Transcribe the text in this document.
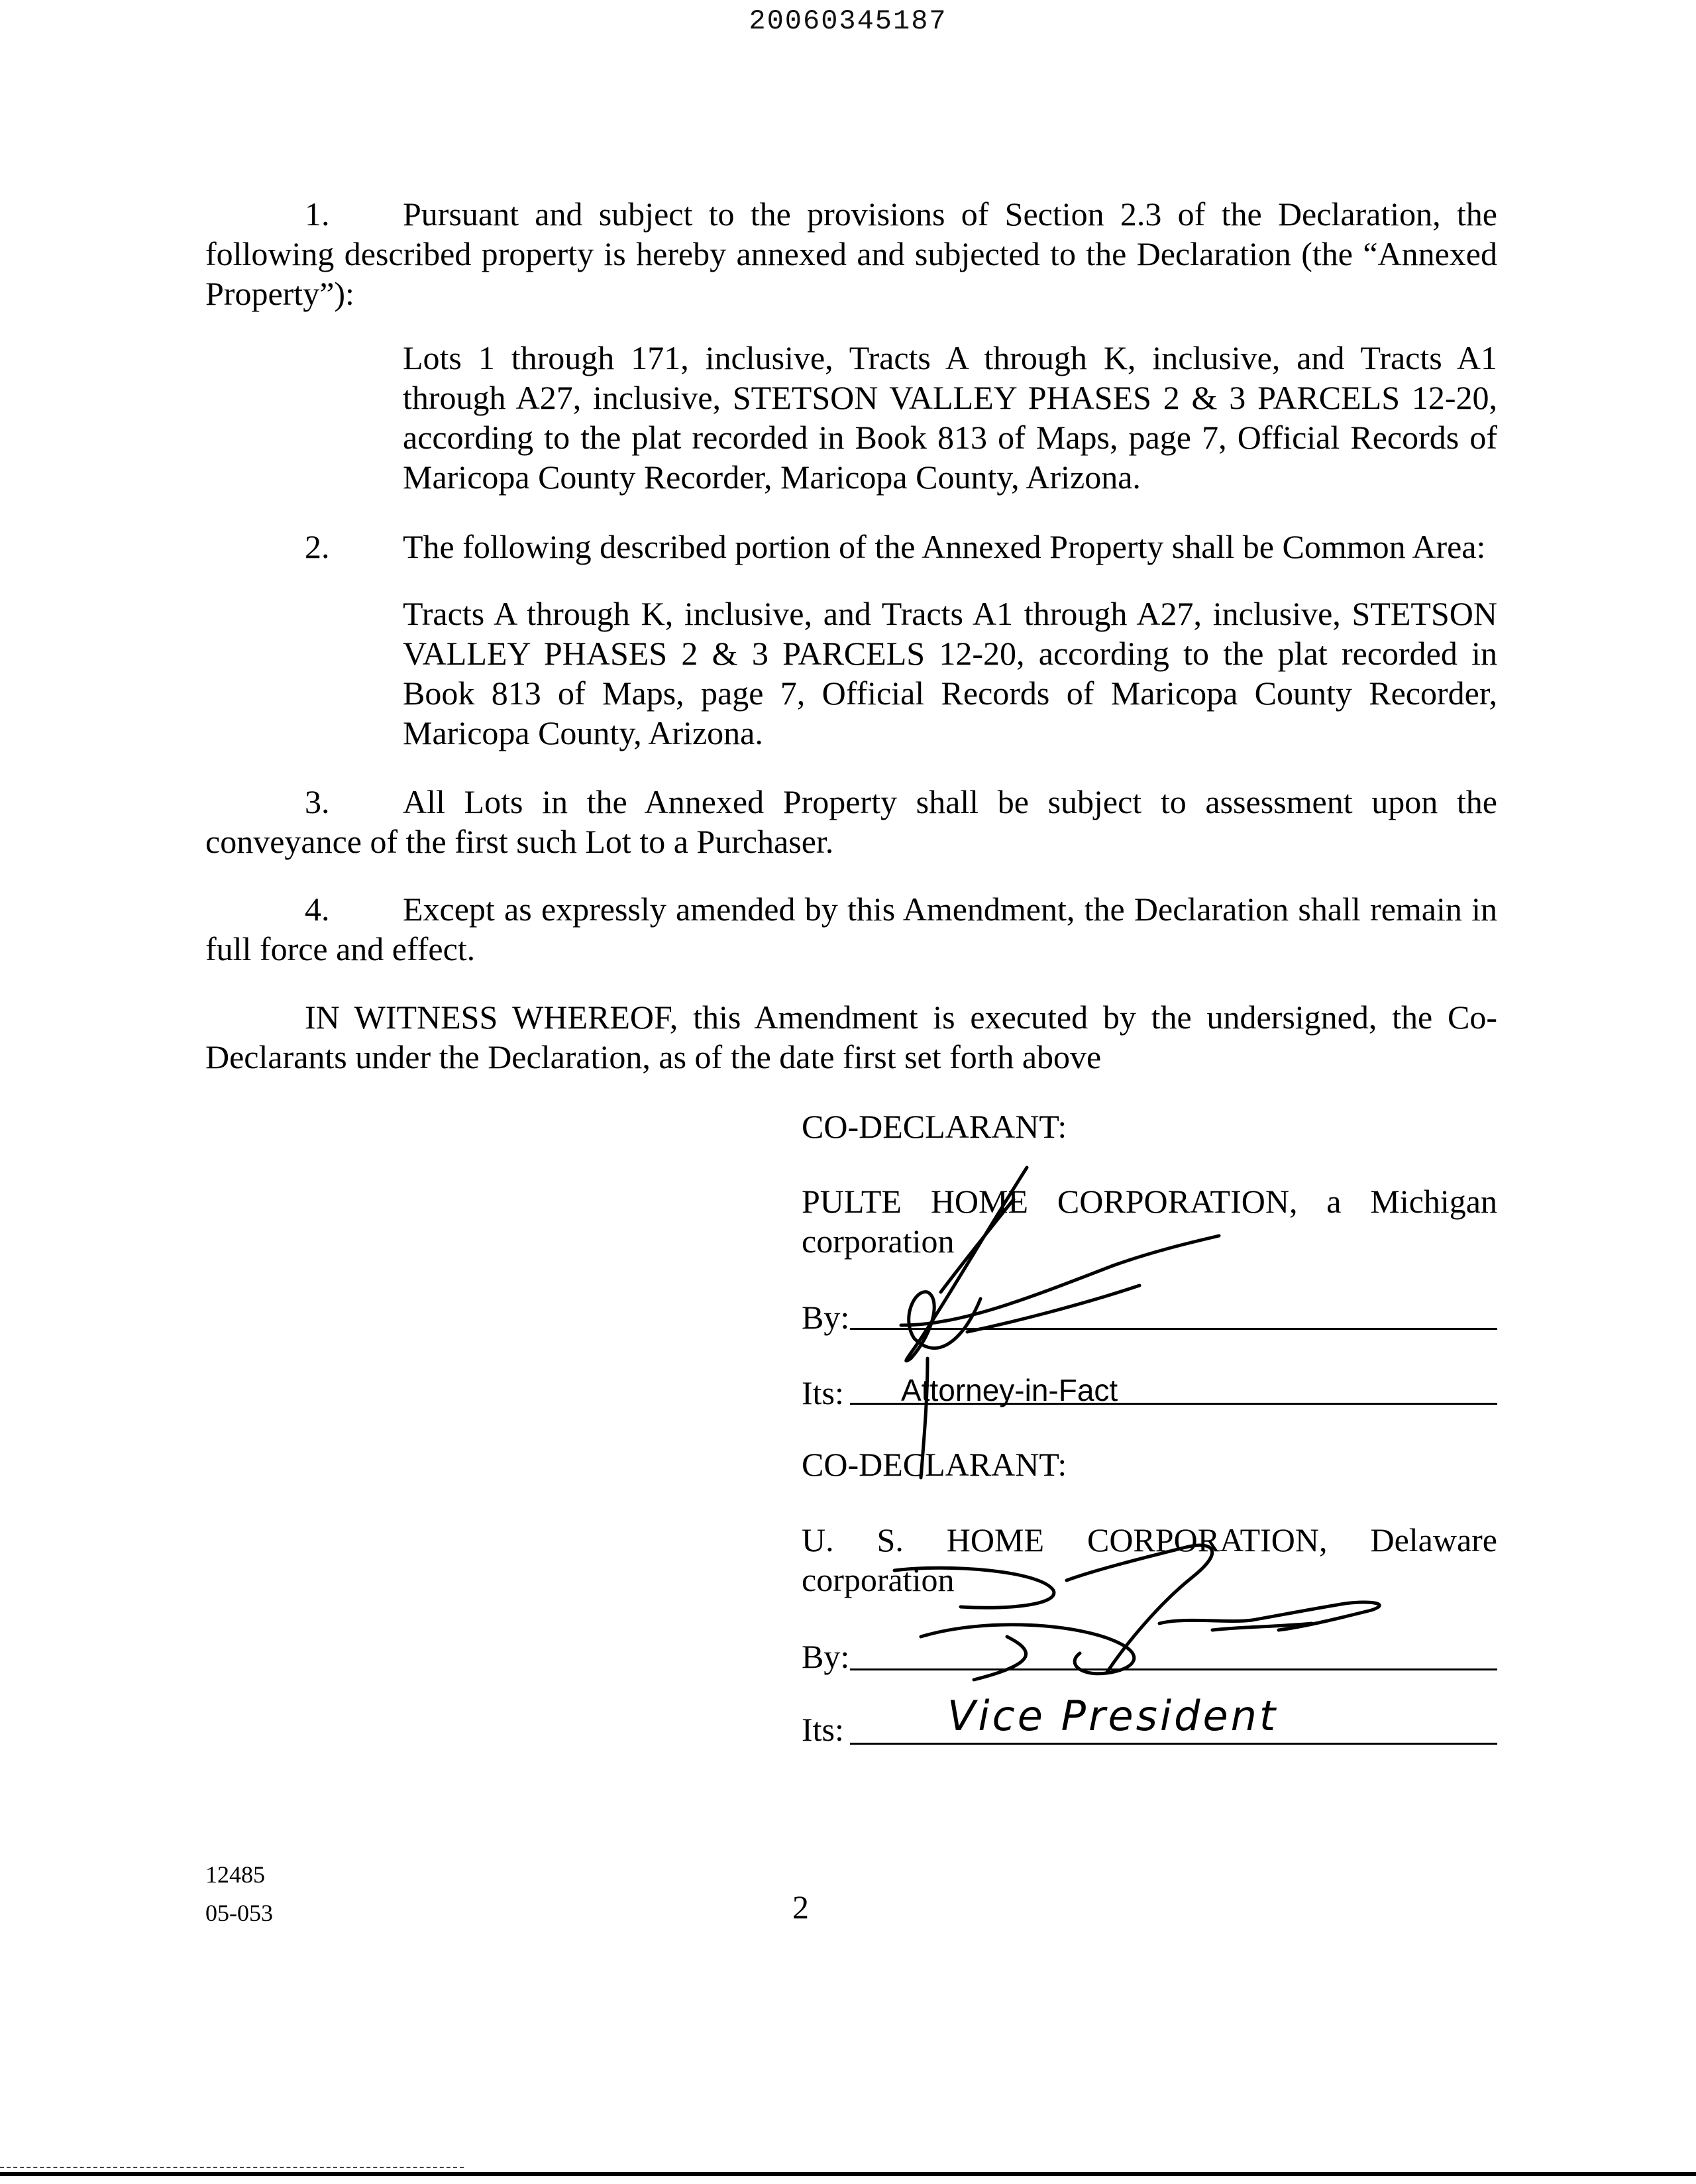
20060345187
1.	Pursuant and subject to the provisions of Section 2.3 of the Declaration, the following described property is hereby annexed and subjected to the Declaration (the “Annexed Property”):

Lots 1 through 171, inclusive, Tracts A through K, inclusive, and Tracts A1 through A27, inclusive, STETSON VALLEY PHASES 2 & 3 PARCELS 12-20, according to the plat recorded in Book 813 of Maps, page 7, Official Records of Maricopa County Recorder, Maricopa County, Arizona.

2. The following described portion of the Annexed Property shall be Common Area:

Tracts A through K, inclusive, and Tracts A1 through A27, inclusive, STETSON VALLEY PHASES 2 & 3 PARCELS 12-20, according to the plat recorded in Book 813 of Maps, page 7, Official Records of Maricopa County Recorder, Maricopa County, Arizona.

3.	All Lots in the Annexed Property shall be subject to assessment upon the conveyance of the first such Lot to a Purchaser.

4.	Except as expressly amended by this Amendment, the Declaration shall remain in full force and effect.

IN WITNESS WHEREOF, this Amendment is executed by the undersigned, the Co-Declarants under the Declaration, as of the date first set forth above

CO-DECLARANT:

PULTE HOME CORPORATION, a Michigan corporation

By:
Its: Attorney-in-Fact

CO-DECLARANT:

U. S. HOME CORPORATION, Delaware corporation

By:
Its:	Vice President
12485
05-053	2
